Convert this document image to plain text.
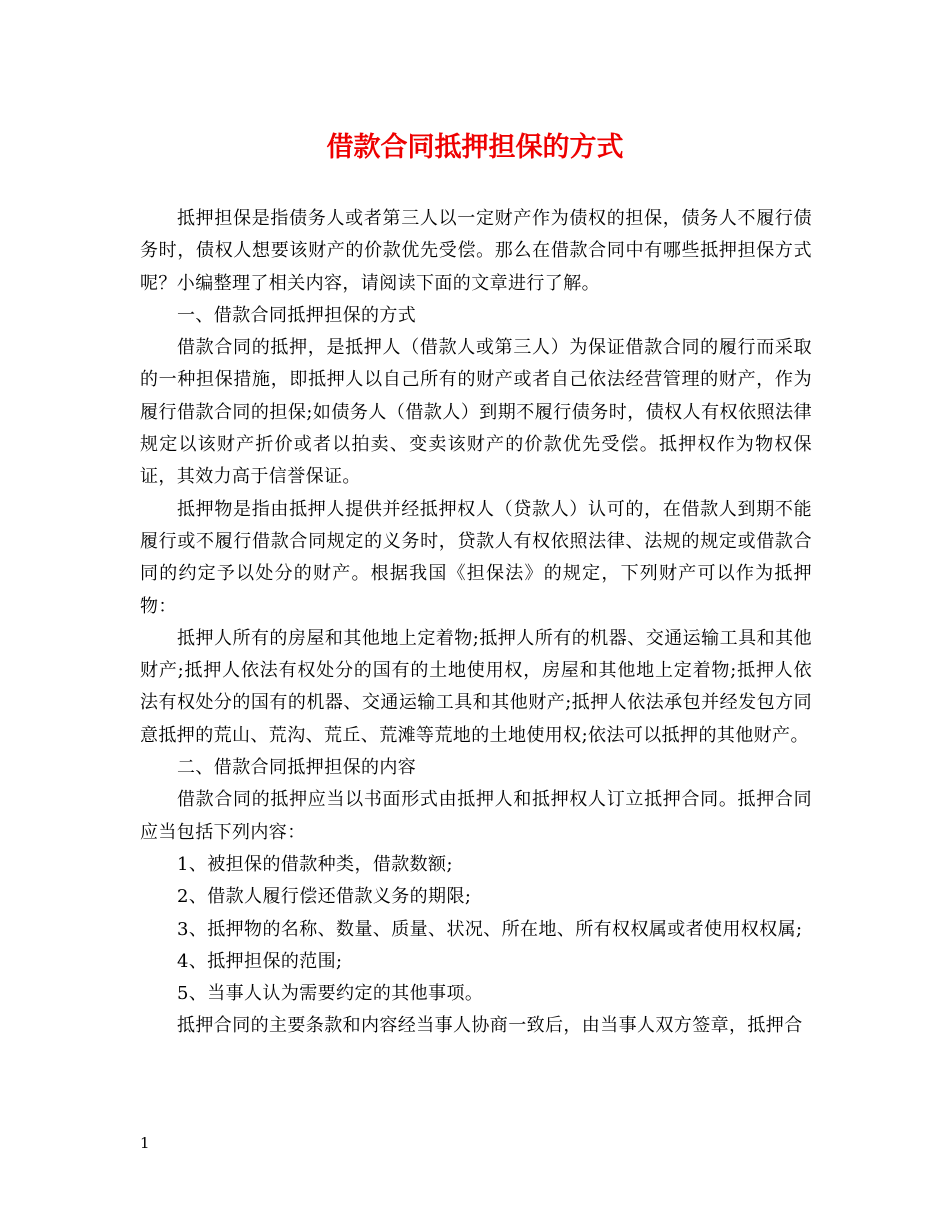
借款合同抵押担保的方式

抵押担保是指债务人或者第三人以一定财产作为债权的担保，债务人不履行债务时，债权人想要该财产的价款优先受偿。那么在借款合同中有哪些抵押担保方式呢？小编整理了相关内容，请阅读下面的文章进行了解。

一、借款合同抵押担保的方式

借款合同的抵押，是抵押人（借款人或第三人）为保证借款合同的履行而采取的一种担保措施，即抵押人以自己所有的财产或者自己依法经营管理的财产，作为履行借款合同的担保;如债务人（借款人）到期不履行债务时，债权人有权依照法律规定以该财产折价或者以拍卖、变卖该财产的价款优先受偿。抵押权作为物权保证，其效力高于信誉保证。

抵押物是指由抵押人提供并经抵押权人（贷款人）认可的，在借款人到期不能履行或不履行借款合同规定的义务时，贷款人有权依照法律、法规的规定或借款合同的约定予以处分的财产。根据我国《担保法》的规定，下列财产可以作为抵押物：

抵押人所有的房屋和其他地上定着物;抵押人所有的机器、交通运输工具和其他财产;抵押人依法有权处分的国有的土地使用权，房屋和其他地上定着物;抵押人依法有权处分的国有的机器、交通运输工具和其他财产;抵押人依法承包并经发包方同意抵押的荒山、荒沟、荒丘、荒滩等荒地的土地使用权;依法可以抵押的其他财产。

二、借款合同抵押担保的内容

借款合同的抵押应当以书面形式由抵押人和抵押权人订立抵押合同。抵押合同应当包括下列内容：

1、被担保的借款种类，借款数额;

2、借款人履行偿还借款义务的期限;

3、抵押物的名称、数量、质量、状况、所在地、所有权权属或者使用权权属;

4、抵押担保的范围;

5、当事人认为需要约定的其他事项。

抵押合同的主要条款和内容经当事人协商一致后，由当事人双方签章，抵押合

1
